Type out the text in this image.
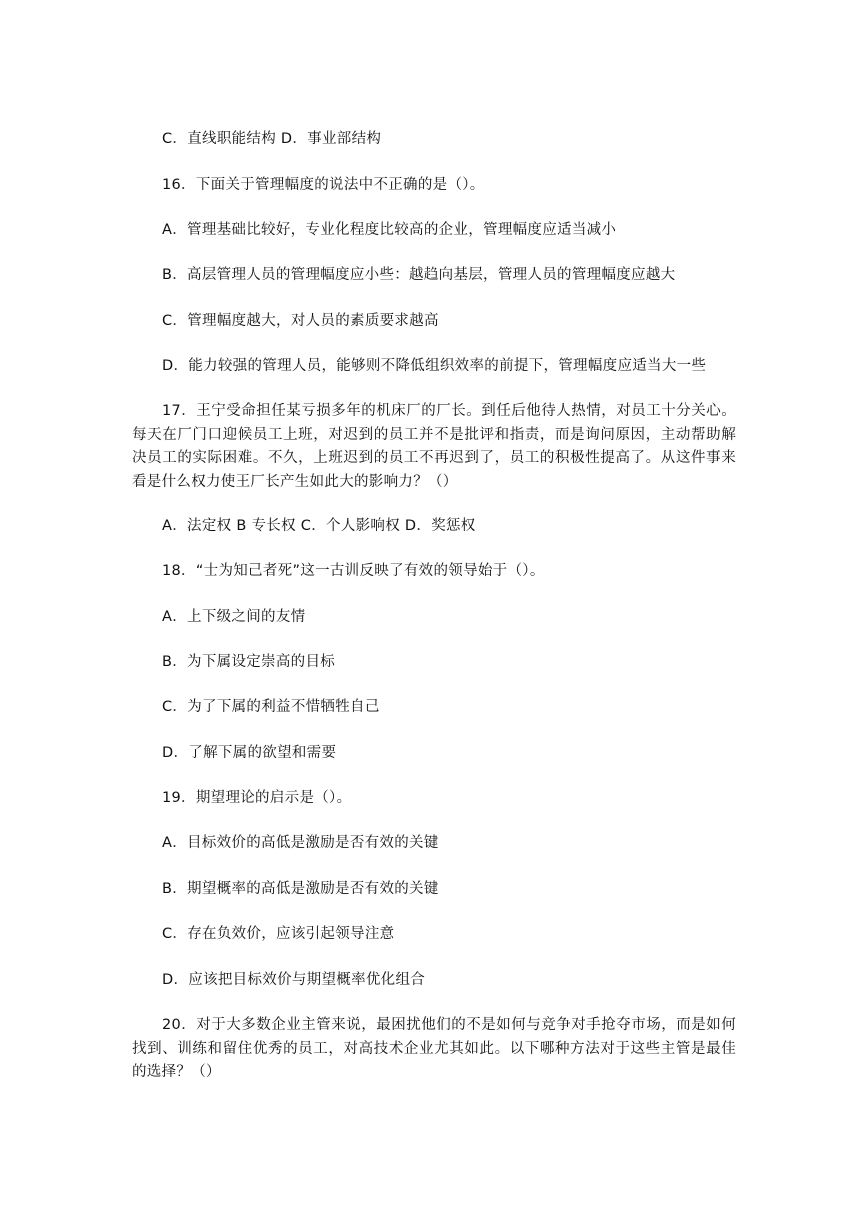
C．直线职能结构 D．事业部结构
16．下面关于管理幅度的说法中不正确的是（）。
A．管理基础比较好，专业化程度比较高的企业，管理幅度应适当减小
B．高层管理人员的管理幅度应小些：越趋向基层，管理人员的管理幅度应越大
C．管理幅度越大，对人员的素质要求越高
D．能力较强的管理人员，能够则不降低组织效率的前提下，管理幅度应适当大一些
17．王宁受命担任某亏损多年的机床厂的厂长。到任后他待人热情，对员工十分关心。每天在厂门口迎候员工上班，对迟到的员工并不是批评和指责，而是询问原因，主动帮助解决员工的实际困难。不久，上班迟到的员工不再迟到了，员工的积极性提高了。从这件事来看是什么权力使王厂长产生如此大的影响力？（）
A．法定权 B 专长权 C．个人影响权 D．奖惩权
18．“士为知己者死”这一古训反映了有效的领导始于（）。
A．上下级之间的友情
B．为下属设定崇高的目标
C．为了下属的利益不惜牺牲自己
D．了解下属的欲望和需要
19．期望理论的启示是（）。
A．目标效价的高低是激励是否有效的关键
B．期望概率的高低是激励是否有效的关键
C．存在负效价，应该引起领导注意
D．应该把目标效价与期望概率优化组合
20．对于大多数企业主管来说，最困扰他们的不是如何与竞争对手抢夺市场，而是如何找到、训练和留住优秀的员工，对高技术企业尤其如此。以下哪种方法对于这些主管是最佳的选择？（）
